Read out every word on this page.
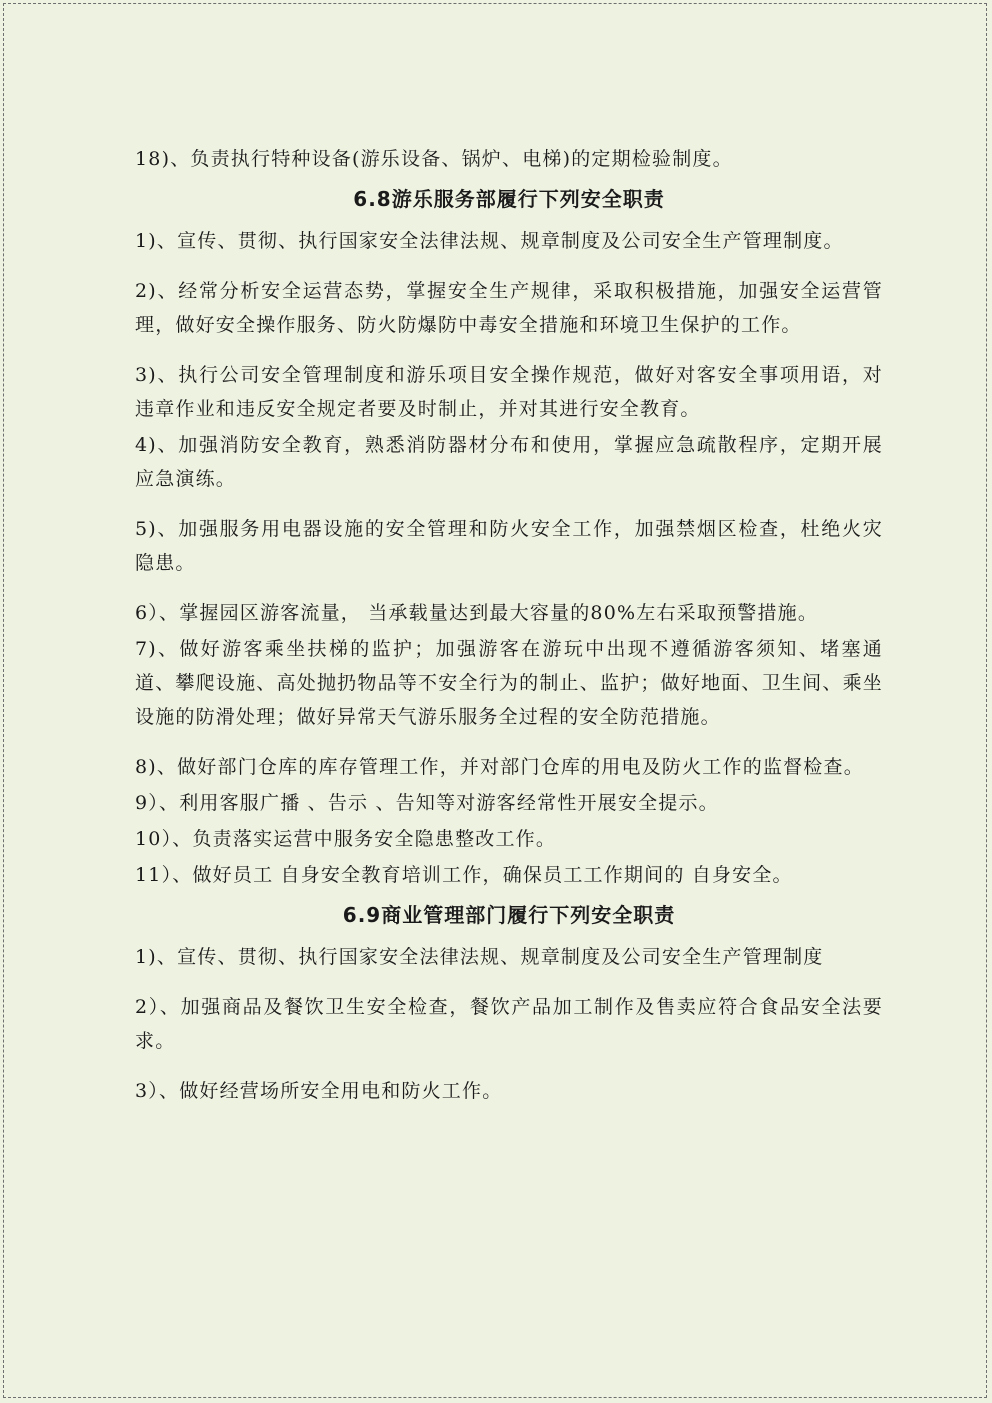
18)、负责执行特种设备(游乐设备、锅炉、电梯)的定期检验制度。

6.8游乐服务部履行下列安全职责

1)、宣传、贯彻、执行国家安全法律法规、规章制度及公司安全生产管理制度。

2)、经常分析安全运营态势，掌握安全生产规律，采取积极措施，加强安全运营管理，做好安全操作服务、防火防爆防中毒安全措施和环境卫生保护的工作。

3)、执行公司安全管理制度和游乐项目安全操作规范，做好对客安全事项用语，对违章作业和违反安全规定者要及时制止，并对其进行安全教育。

4)、加强消防安全教育，熟悉消防器材分布和使用，掌握应急疏散程序，定期开展应急演练。

5)、加强服务用电器设施的安全管理和防火安全工作，加强禁烟区检查，杜绝火灾隐患。

6）、掌握园区游客流量， 当承载量达到最大容量的80%左右采取预警措施。

7)、做好游客乘坐扶梯的监护；加强游客在游玩中出现不遵循游客须知、堵塞通道、攀爬设施、高处抛扔物品等不安全行为的制止、监护；做好地面、卫生间、乘坐设施的防滑处理；做好异常天气游乐服务全过程的安全防范措施。

8)、做好部门仓库的库存管理工作，并对部门仓库的用电及防火工作的监督检查。

9）、利用客服广播 、告示 、告知等对游客经常性开展安全提示。

10）、负责落实运营中服务安全隐患整改工作。

11）、做好员工 自身安全教育培训工作，确保员工工作期间的 自身安全。

6.9商业管理部门履行下列安全职责

1)、宣传、贯彻、执行国家安全法律法规、规章制度及公司安全生产管理制度

2）、加强商品及餐饮卫生安全检查，餐饮产品加工制作及售卖应符合食品安全法要求。

3）、做好经营场所安全用电和防火工作。
